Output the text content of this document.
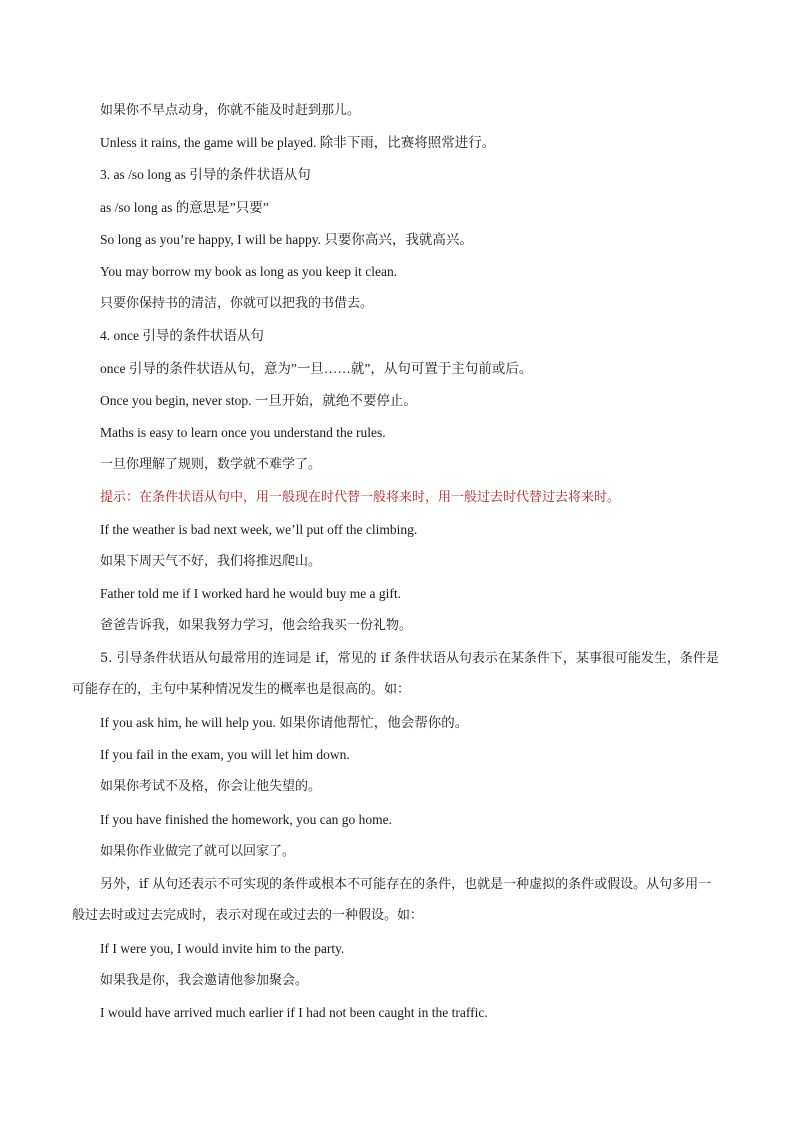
如果你不早点动身，你就不能及时赶到那儿。
Unless it rains, the game will be played. 除非下雨，比赛将照常进行。
3. as /so long as 引导的条件状语从句
as /so long as 的意思是”只要”
So long as you’re happy, I will be happy. 只要你高兴，我就高兴。
You may borrow my book as long as you keep it clean.
只要你保持书的清洁，你就可以把我的书借去。
4. once 引导的条件状语从句
once 引导的条件状语从句，意为”一旦……就”，从句可置于主句前或后。
Once you begin, never stop. 一旦开始，就绝不要停止。
Maths is easy to learn once you understand the rules.
一旦你理解了规则，数学就不难学了。
提示：在条件状语从句中，用一般现在时代替一般将来时，用一般过去时代替过去将来时。
If the weather is bad next week, we’ll put off the climbing.
如果下周天气不好，我们将推迟爬山。
Father told me if I worked hard he would buy me a gift.
爸爸告诉我，如果我努力学习，他会给我买一份礼物。
5. 引导条件状语从句最常用的连词是 if，常见的 if 条件状语从句表示在某条件下，某事很可能发生，条件是可能存在的，主句中某种情况发生的概率也是很高的。如：
If you ask him, he will help you. 如果你请他帮忙，他会帮你的。
If you fail in the exam, you will let him down.
如果你考试不及格，你会让他失望的。
If you have finished the homework, you can go home.
如果你作业做完了就可以回家了。
另外，if 从句还表示不可实现的条件或根本不可能存在的条件，也就是一种虚拟的条件或假设。从句多用一般过去时或过去完成时，表示对现在或过去的一种假设。如：
If I were you, I would invite him to the party.
如果我是你，我会邀请他参加聚会。
I would have arrived much earlier if I had not been caught in the traffic.
